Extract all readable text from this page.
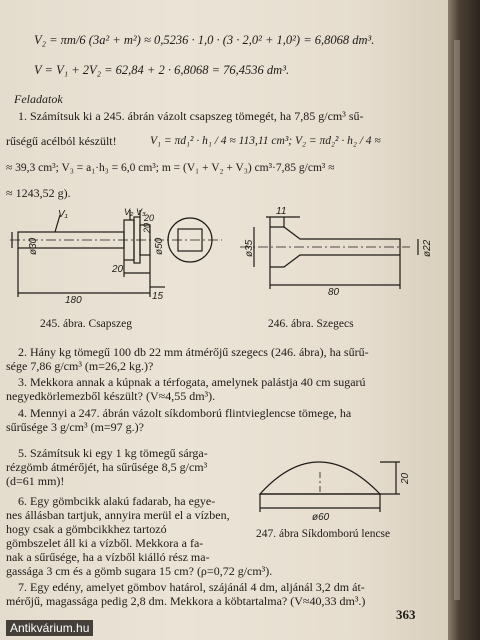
V₂ = πm/6 (3a² + m²) ≈ 0,5236 · 1,0 · (3 · 2,0² + 1,0²) = 6,8068 dm³.
V = V₁ + 2V₂ = 62,84 + 2 · 6,8068 = 76,4536 dm³.
Feladatok
1. Számítsuk ki a 245. ábrán vázolt csapszeg tömegét, ha 7,85 g/cm³ sű-
rűségű acélból készült!	V₁ = πd₁² · h₁ / 4 ≈ 113,11 cm³; V₂ = πd₂² · h₂ / 4 ≈
≈ 39,3 cm³; V₃ = a₁·h₃ = 6,0 cm³; m = (V₁ + V₂ + V₃) cm³·7,85 g/cm³ ≈
≈ 1243,52 g).
V₁	V₂ V₃
ø30	ø50
20
20
20
180	15
11
ø35	ø22
80
245. ábra. Csapszeg	246. ábra. Szegecs
2. Hány kg tömegű 100 db 22 mm átmérőjű szegecs (246. ábra), ha sűrű-
sége 7,86 g/cm³ (m=26,2 kg.)?
3. Mekkora annak a kúpnak a térfogata, amelynek palástja 40 cm sugarú
negyedkörlemezből készült? (V≈4,55 dm³).
4. Mennyi a 247. ábrán vázolt síkdomború flintvieglencse tömege, ha
sűrűsége 3 g/cm³ (m=97 g.)?
5. Számítsuk ki egy 1 kg tömegű sárga-
rézgömb átmérőjét, ha sűrűsége 8,5 g/cm³
(d=61 mm)!
6. Egy gömbcikk alakú fadarab, ha egye-
nes állásban tartjuk, annyira merül el a vízben,
hogy csak a gömbcikkhez tartozó
gömbszelet áll ki a vízből. Mekkora a fa-
nak a sűrűsége, ha a vízből kiálló rész ma-
gassága 3 cm és a gömb sugara 15 cm? (ρ=0,72 g/cm³).
20
ø60
247. ábra Síkdomború lencse
7. Egy edény, amelyet gömbov határol, szájánál 4 dm, aljánál 3,2 dm át-
mérőjű, magassága pedig 2,8 dm. Mekkora a köbtartalma? (V≈40,33 dm³.)
363
Antikvárium.hu
